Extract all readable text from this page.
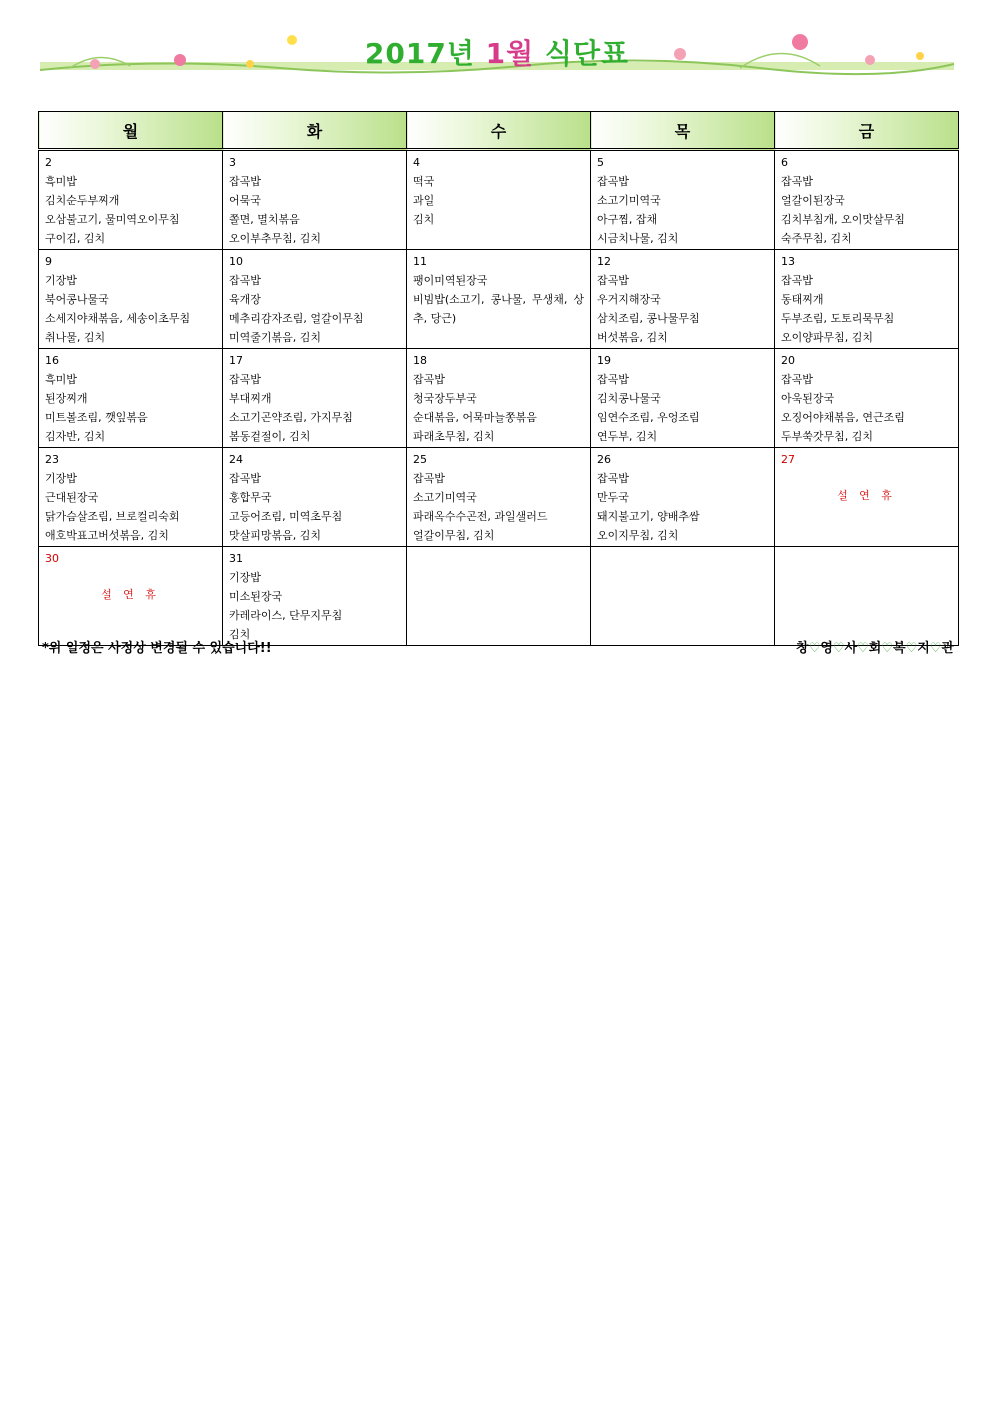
2017년 1월 식단표
월	화	수	목	금

2
흑미밥
김치순두부찌개
오삼불고기, 물미역오이무침
구이김, 김치	3
잡곡밥
어묵국
쫄면, 멸치볶음
오이부추무침, 김치	4
떡국
과일
김치	5
잡곡밥
소고기미역국
아구찜, 잡채
시금치나물, 김치	6
잡곡밥
얼갈이된장국
김치부침개, 오이맛살무침
숙주무침, 김치

9
기장밥
북어콩나물국
소세지야채볶음, 세송이초무침
취나물, 김치	10
잡곡밥
육개장
메추리감자조림, 얼갈이무침
미역줄기볶음, 김치	11
팽이미역된장국
비빔밥(소고기, 콩나물, 무생채, 상추, 당근)	12
잡곡밥
우거지해장국
삼치조림, 콩나물무침
버섯볶음, 김치	13
잡곡밥
동태찌개
두부조림, 도토리묵무침
오이양파무침, 김치

16
흑미밥
된장찌개
미트볼조림, 깻잎볶음
김자반, 김치	17
잡곡밥
부대찌개
소고기곤약조림, 가지무침
봄동겉절이, 김치	18
잡곡밥
청국장두부국
순대볶음, 어묵마늘쫑볶음
파래초무침, 김치	19
잡곡밥
김치콩나물국
임연수조림, 우엉조림
연두부, 김치	20
잡곡밥
아욱된장국
오징어야채볶음, 연근조림
두부쑥갓무침, 김치

23
기장밥
근대된장국
닭가슴살조림, 브로컬리숙회
애호박표고버섯볶음, 김치	24
잡곡밥
홍합무국
고등어조림, 미역초무침
맛살피망볶음, 김치	25
잡곡밥
소고기미역국
파래옥수수곤전, 과일샐러드
얼갈이무침, 김치	26
잡곡밥
만두국
돼지불고기, 양배추쌈
오이지무침, 김치	27
설 연 휴

30
설 연 휴	31
기장밥
미소된장국
카레라이스, 단무지무침
김치			

*위 일정은 사정상 변경될 수 있습니다!!	창♡영♡사♡회♡복♡지♡관
